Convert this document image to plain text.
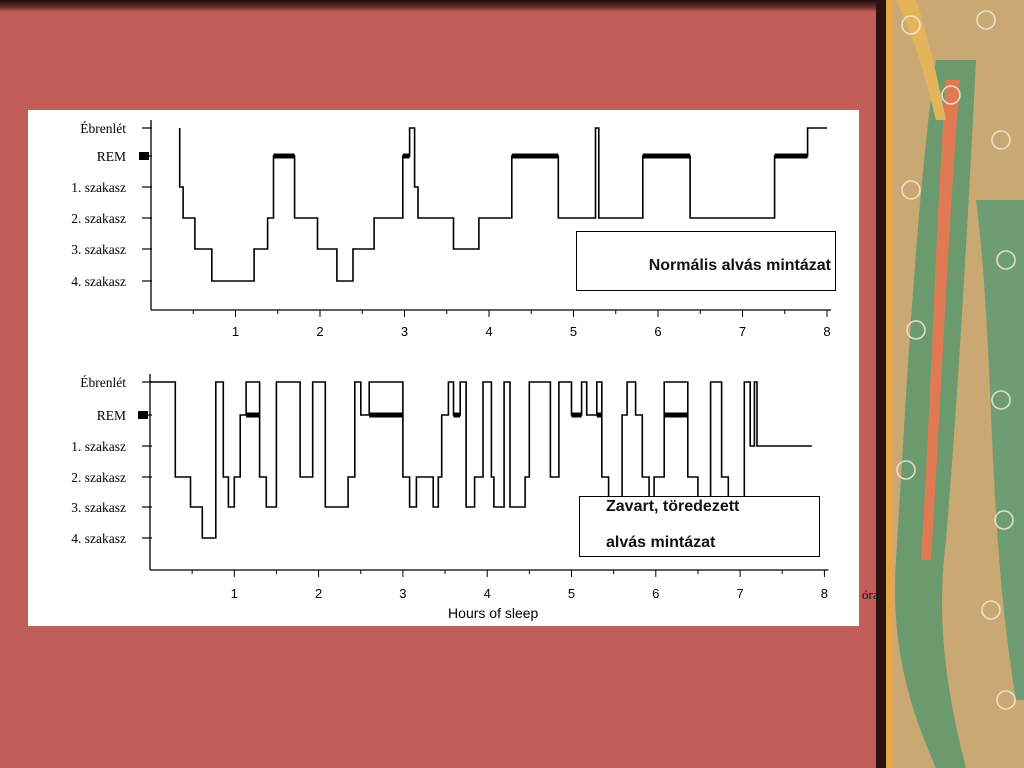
Ébrenlét
REM
1. szakasz
2. szakasz
3. szakasz
4. szakasz
1	2	3	4	5	6	7	8
Ébrenlét
REM
1. szakasz
2. szakasz
3. szakasz
4. szakasz
1	2	3	4	5	6	7	8
Hours of sleep
Normális alvás mintázat
Zavart, töredezett
alvás mintázat
óra
